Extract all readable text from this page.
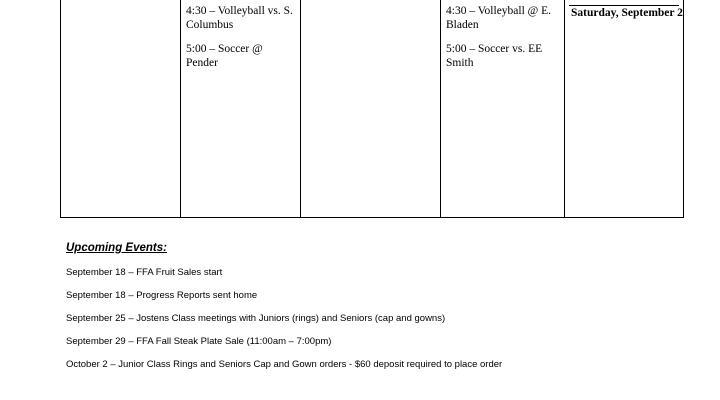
4:30 – Volleyball vs. S. Columbus
5:00 – Soccer @ Pender
4:30 – Volleyball @ E. Bladen
5:00 – Soccer vs. EE Smith
Saturday, September 2
Upcoming Events:
September 18 – FFA Fruit Sales start
September 18 – Progress Reports sent home
September 25 – Jostens Class meetings with Juniors (rings) and Seniors (cap and gowns)
September 29 – FFA Fall Steak Plate Sale (11:00am – 7:00pm)
October 2 – Junior Class Rings and Seniors Cap and Gown orders - $60 deposit required to place order
